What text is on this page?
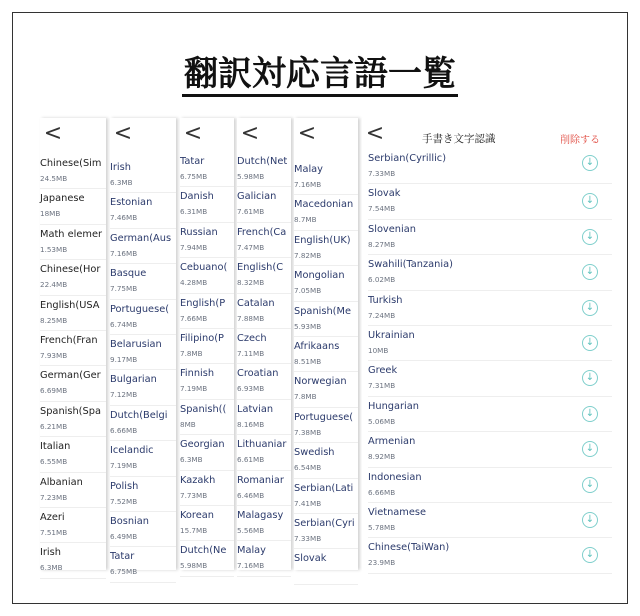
翻訳対応言語一覧
<
Chinese(Sim
24.5MB
Japanese
18MB
Math elemer
1.53MB
Chinese(Hor
22.4MB
English(USA
8.25MB
French(Fran
7.93MB
German(Ger
6.69MB
Spanish(Spa
6.21MB
Italian
6.55MB
Albanian
7.23MB
Azeri
7.51MB
Irish
6.3MB
<
Irish
6.3MB
Estonian
7.46MB
German(Aus
7.16MB
Basque
7.75MB
Portuguese(
6.74MB
Belarusian
9.17MB
Bulgarian
7.12MB
Dutch(Belgi
6.66MB
Icelandic
7.19MB
Polish
7.52MB
Bosnian
6.49MB
Tatar
6.75MB
<
Tatar
6.75MB
Danish
6.31MB
Russian
7.94MB
Cebuano(
4.28MB
English(P
7.66MB
Filipino(P
7.8MB
Finnish
7.19MB
Spanish((
8MB
Georgian
6.3MB
Kazakh
7.73MB
Korean
15.7MB
Dutch(Ne
5.98MB
<
Dutch(Net
5.98MB
Galician
7.61MB
French(Ca
7.47MB
English(C
8.32MB
Catalan
7.88MB
Czech
7.11MB
Croatian
6.93MB
Latvian
8.16MB
Lithuaniar
6.61MB
Romaniar
6.46MB
Malagasy
5.56MB
Malay
7.16MB
<
Malay
7.16MB
Macedonian
8.7MB
English(UK)
7.82MB
Mongolian
7.05MB
Spanish(Me
5.93MB
Afrikaans
8.51MB
Norwegian
7.8MB
Portuguese(
7.38MB
Swedish
6.54MB
Serbian(Lati
7.41MB
Serbian(Cyri
7.33MB
Slovak
<	手書き文字認識	削除する
Serbian(Cyrillic)
7.33MB
↓
Slovak
7.54MB
↓
Slovenian
8.27MB
↓
Swahili(Tanzania)
6.02MB
↓
Turkish
7.24MB
↓
Ukrainian
10MB
↓
Greek
7.31MB
↓
Hungarian
5.06MB
↓
Armenian
8.92MB
↓
Indonesian
6.66MB
↓
Vietnamese
5.78MB
↓
Chinese(TaiWan)
23.9MB
↓
